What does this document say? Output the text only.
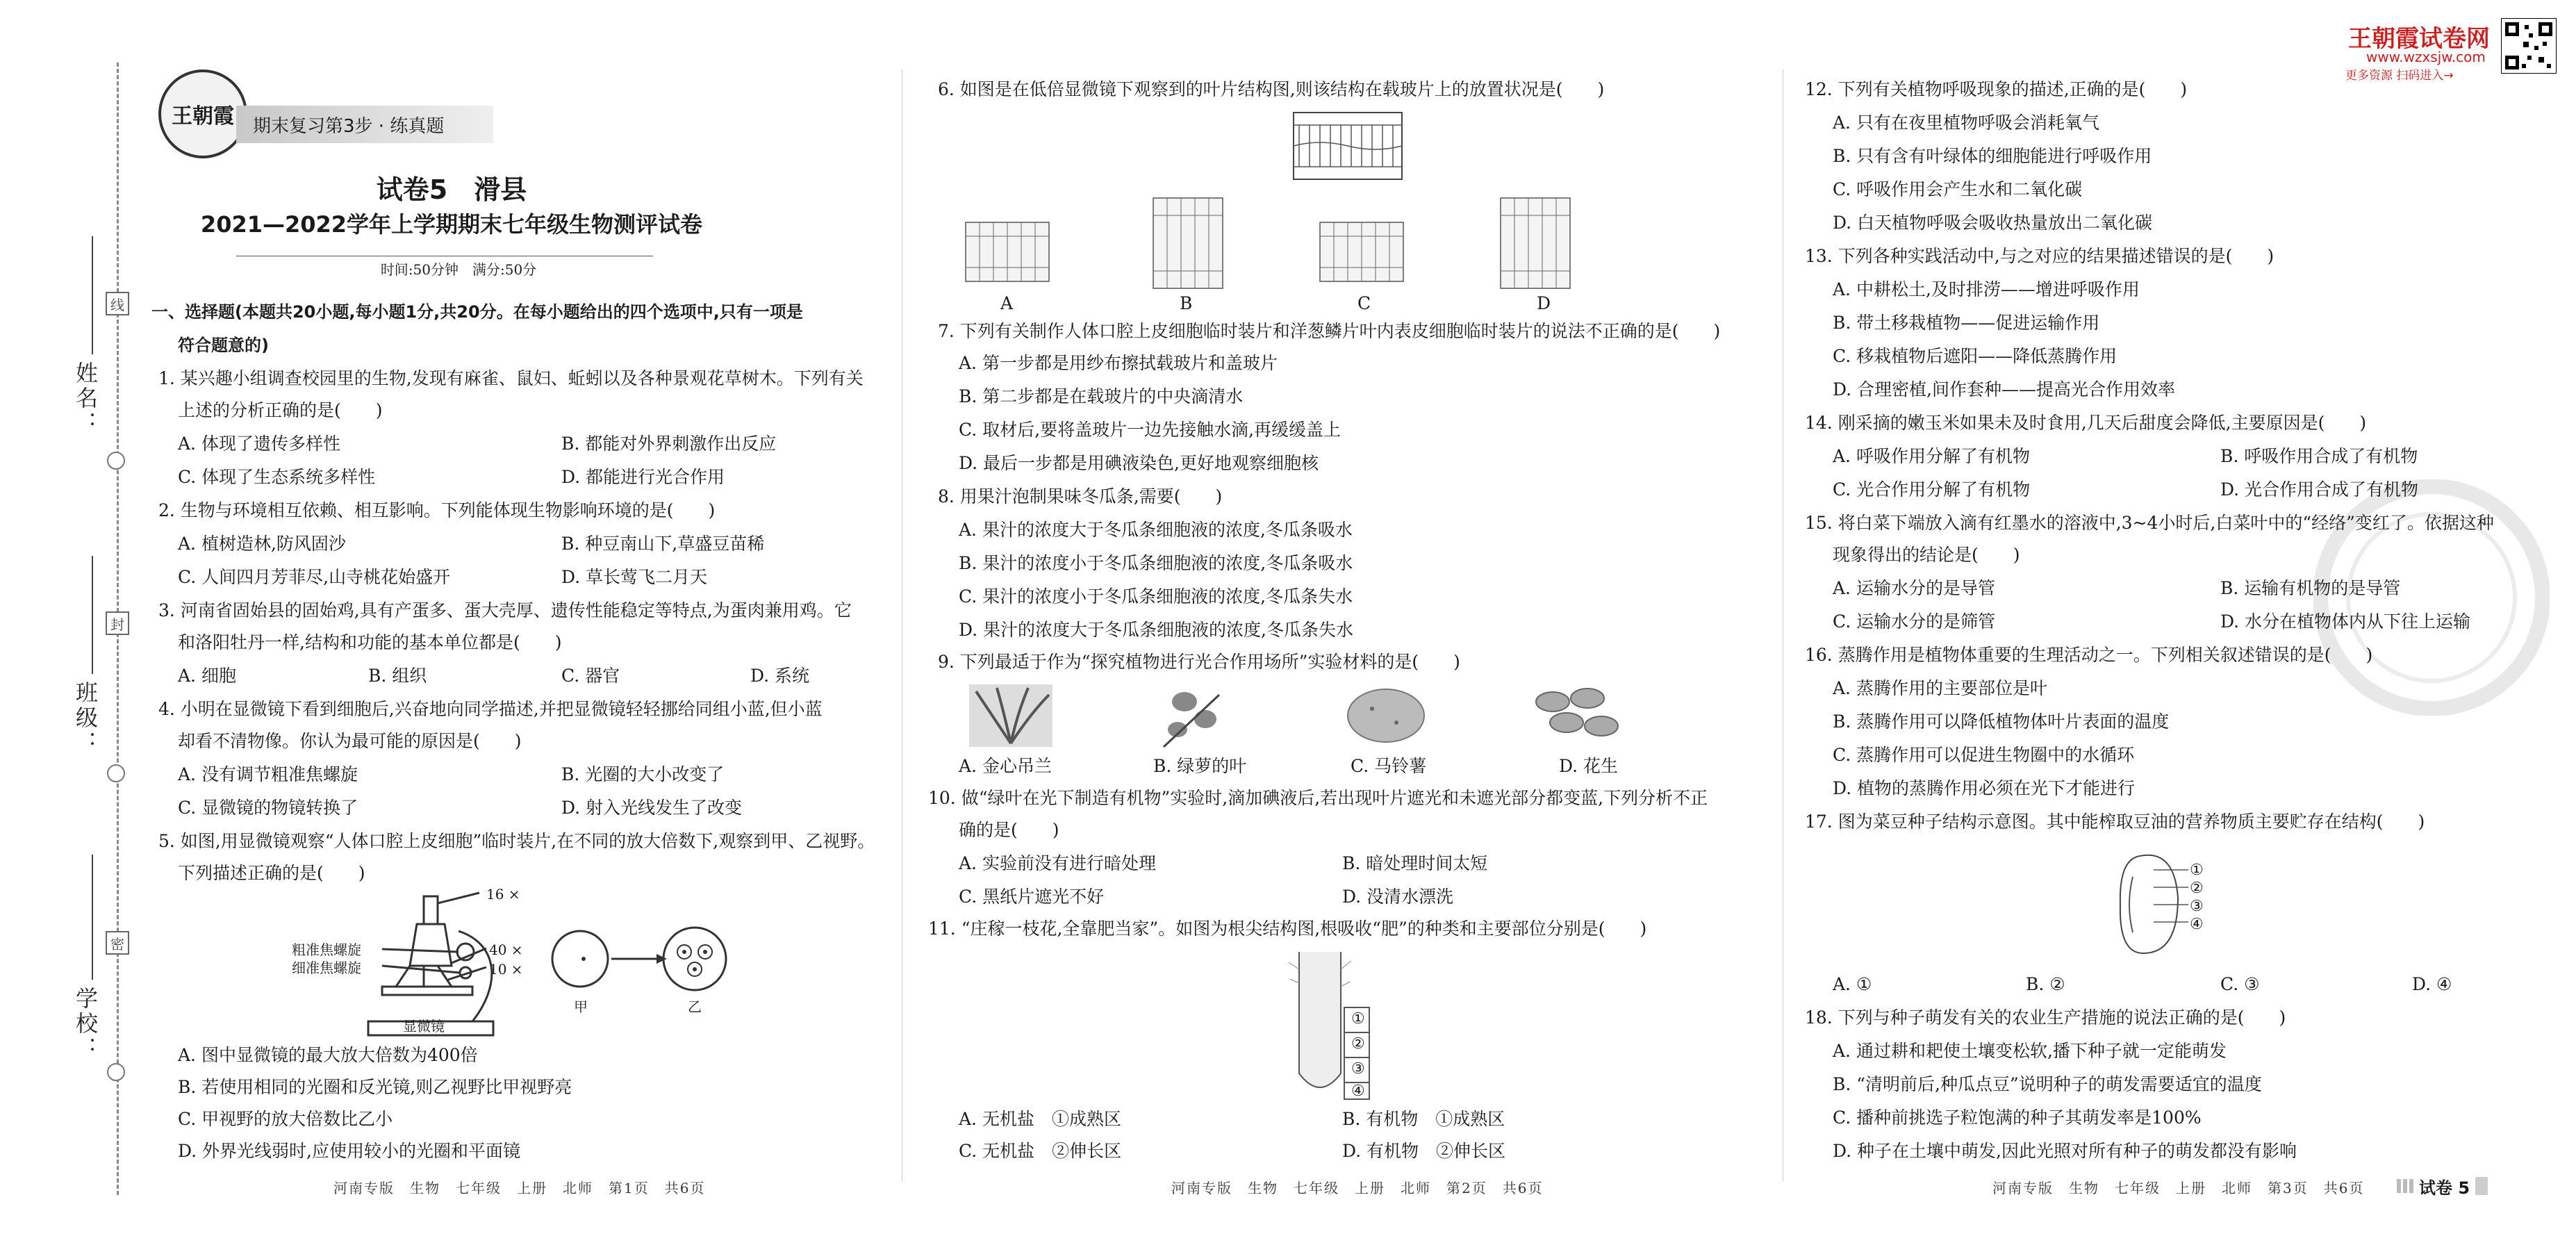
姓名：
班级：
学校：
线
封
密
王朝霞	期末复习第3步 · 练真题
试卷5　滑县
2021—2022学年上学期期末七年级生物测评试卷
时间:50分钟　满分:50分
一、选择题(本题共20小题,每小题1分,共20分。在每小题给出的四个选项中,只有一项是
符合题意的)
1. 某兴趣小组调查校园里的生物,发现有麻雀、鼠妇、蚯蚓以及各种景观花草树木。下列有关
上述的分析正确的是(　　)
A. 体现了遗传多样性	B. 都能对外界刺激作出反应
C. 体现了生态系统多样性	D. 都能进行光合作用
2. 生物与环境相互依赖、相互影响。下列能体现生物影响环境的是(　　)
A. 植树造林,防风固沙	B. 种豆南山下,草盛豆苗稀
C. 人间四月芳菲尽,山寺桃花始盛开	D. 草长莺飞二月天
3. 河南省固始县的固始鸡,具有产蛋多、蛋大壳厚、遗传性能稳定等特点,为蛋肉兼用鸡。它
和洛阳牡丹一样,结构和功能的基本单位都是(　　)
A. 细胞	B. 组织	C. 器官	D. 系统
4. 小明在显微镜下看到细胞后,兴奋地向同学描述,并把显微镜轻轻挪给同组小蓝,但小蓝
却看不清物像。你认为最可能的原因是(　　)
A. 没有调节粗准焦螺旋	B. 光圈的大小改变了
C. 显微镜的物镜转换了	D. 射入光线发生了改变
5. 如图,用显微镜观察“人体口腔上皮细胞”临时装片,在不同的放大倍数下,观察到甲、乙视野。
下列描述正确的是(　　)
粗准焦螺旋
细准焦螺旋
16 ×
40 ×
10 ×
显微镜
甲	乙
A. 图中显微镜的最大放大倍数为400倍
B. 若使用相同的光圈和反光镜,则乙视野比甲视野亮
C. 甲视野的放大倍数比乙小
D. 外界光线弱时,应使用较小的光圈和平面镜
河南专版　生物　七年级　上册　北师　第1页　共6页
6. 如图是在低倍显微镜下观察到的叶片结构图,则该结构在载玻片上的放置状况是(　　)
A	B	C	D
7. 下列有关制作人体口腔上皮细胞临时装片和洋葱鳞片叶内表皮细胞临时装片的说法不正确的是(　　)
A. 第一步都是用纱布擦拭载玻片和盖玻片
B. 第二步都是在载玻片的中央滴清水
C. 取材后,要将盖玻片一边先接触水滴,再缓缓盖上
D. 最后一步都是用碘液染色,更好地观察细胞核
8. 用果汁泡制果味冬瓜条,需要(　　)
A. 果汁的浓度大于冬瓜条细胞液的浓度,冬瓜条吸水
B. 果汁的浓度小于冬瓜条细胞液的浓度,冬瓜条吸水
C. 果汁的浓度小于冬瓜条细胞液的浓度,冬瓜条失水
D. 果汁的浓度大于冬瓜条细胞液的浓度,冬瓜条失水
9. 下列最适于作为“探究植物进行光合作用场所”实验材料的是(　　)
A. 金心吊兰	B. 绿萝的叶	C. 马铃薯	D. 花生
10. 做“绿叶在光下制造有机物”实验时,滴加碘液后,若出现叶片遮光和未遮光部分都变蓝,下列分析不正
确的是(　　)
A. 实验前没有进行暗处理	B. 暗处理时间太短
C. 黑纸片遮光不好	D. 没清水漂洗
11. “庄稼一枝花,全靠肥当家”。如图为根尖结构图,根吸收“肥”的种类和主要部位分别是(　　)
①
②
③
④
A. 无机盐　①成熟区	B. 有机物　①成熟区
C. 无机盐　②伸长区	D. 有机物　②伸长区
河南专版　生物　七年级　上册　北师　第2页　共6页
王朝霞试卷网
www.wzxsjw.com
更多资源 扫码进入→
12. 下列有关植物呼吸现象的描述,正确的是(　　)
A. 只有在夜里植物呼吸会消耗氧气
B. 只有含有叶绿体的细胞能进行呼吸作用
C. 呼吸作用会产生水和二氧化碳
D. 白天植物呼吸会吸收热量放出二氧化碳
13. 下列各种实践活动中,与之对应的结果描述错误的是(　　)
A. 中耕松土,及时排涝——增进呼吸作用
B. 带土移栽植物——促进运输作用
C. 移栽植物后遮阳——降低蒸腾作用
D. 合理密植,间作套种——提高光合作用效率
14. 刚采摘的嫩玉米如果未及时食用,几天后甜度会降低,主要原因是(　　)
A. 呼吸作用分解了有机物	B. 呼吸作用合成了有机物
C. 光合作用分解了有机物	D. 光合作用合成了有机物
15. 将白菜下端放入滴有红墨水的溶液中,3~4小时后,白菜叶中的“经络”变红了。依据这种
现象得出的结论是(　　)
A. 运输水分的是导管	B. 运输有机物的是导管
C. 运输水分的是筛管	D. 水分在植物体内从下往上运输
16. 蒸腾作用是植物体重要的生理活动之一。下列相关叙述错误的是(　　)
A. 蒸腾作用的主要部位是叶
B. 蒸腾作用可以降低植物体叶片表面的温度
C. 蒸腾作用可以促进生物圈中的水循环
D. 植物的蒸腾作用必须在光下才能进行
17. 图为菜豆种子结构示意图。其中能榨取豆油的营养物质主要贮存在结构(　　)
①
②
③
④
A. ①	B. ②	C. ③	D. ④
18. 下列与种子萌发有关的农业生产措施的说法正确的是(　　)
A. 通过耕和耙使土壤变松软,播下种子就一定能萌发
B. “清明前后,种瓜点豆”说明种子的萌发需要适宜的温度
C. 播种前挑选子粒饱满的种子其萌发率是100%
D. 种子在土壤中萌发,因此光照对所有种子的萌发都没有影响
河南专版　生物　七年级　上册　北师　第3页　共6页	试卷 5
